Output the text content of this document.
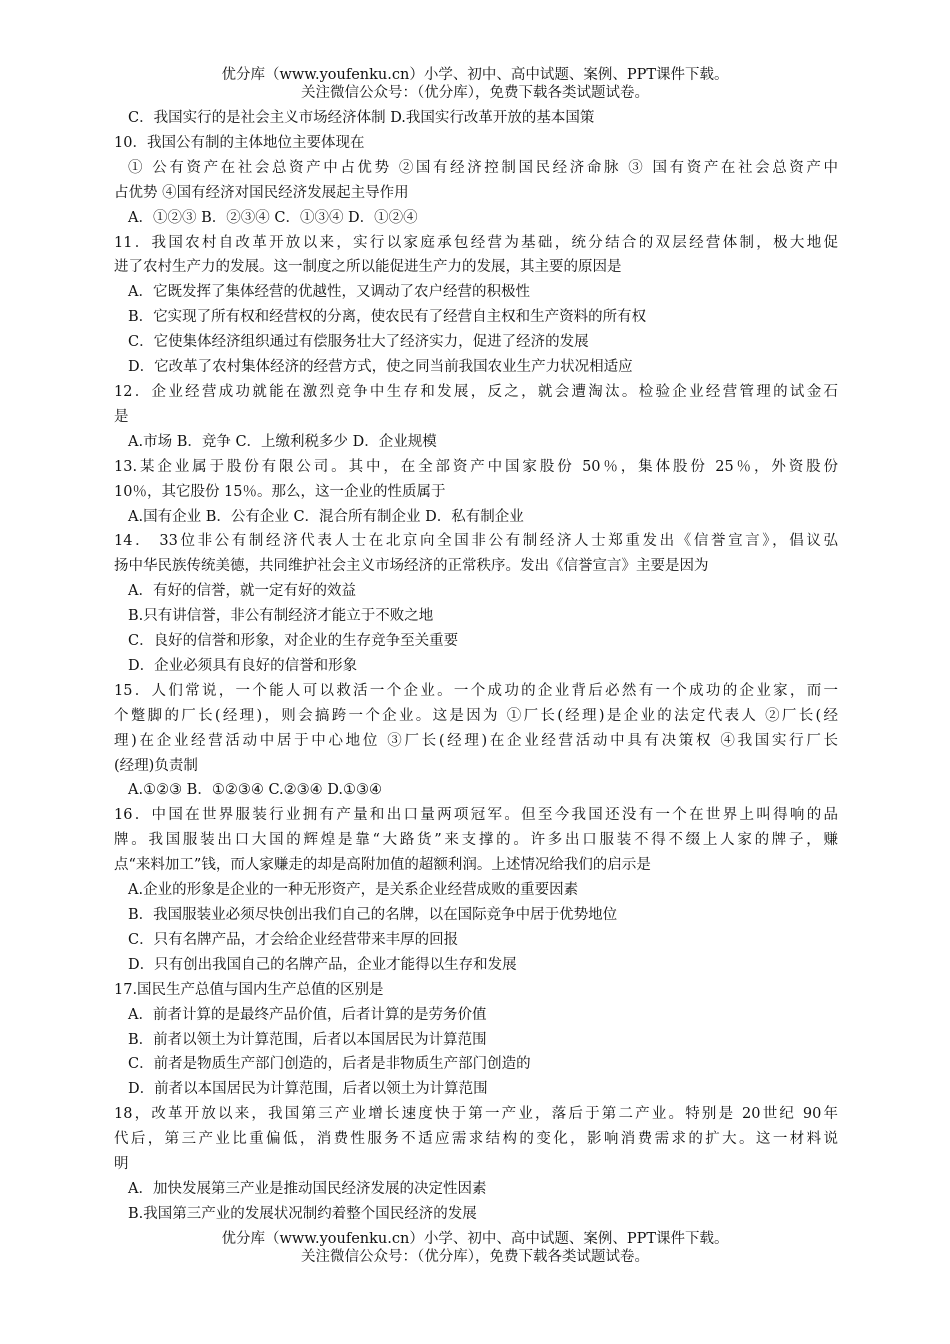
优分库（www.youfenku.cn）小学、初中、高中试题、案例、PPT课件下载。
关注微信公众号：（优分库），免费下载各类试题试卷。
C．我国实行的是社会主义市场经济体制 D.我国实行改革开放的基本国策
10．我国公有制的主体地位主要体现在
① 公有资产在社会总资产中占优势 ②国有经济控制国民经济命脉 ③ 国有资产在社会总资产中
占优势 ④国有经济对国民经济发展起主导作用
A．①②③ B．②③④ C．①③④ D．①②④
11．我国农村自改革开放以来，实行以家庭承包经营为基础，统分结合的双层经营体制，极大地促
进了农村生产力的发展。这一制度之所以能促进生产力的发展，其主要的原因是
A．它既发挥了集体经营的优越性，又调动了农户经营的积极性
B．它实现了所有权和经营权的分离，使农民有了经营自主权和生产资料的所有权
C．它使集体经济组织通过有偿服务壮大了经济实力，促进了经济的发展
D．它改革了农村集体经济的经营方式，使之同当前我国农业生产力状况相适应
12．企业经营成功就能在激烈竞争中生存和发展，反之，就会遭淘汰。检验企业经营管理的试金石
是
A.市场 B．竞争 C．上缴利税多少 D．企业规模
13.某企业属于股份有限公司。其中，在全部资产中国家股份 50％，集体股份 25％，外资股份
10％，其它股份 15％。那么，这一企业的性质属于
A.国有企业 B．公有企业 C．混合所有制企业 D．私有制企业
14． 33位非公有制经济代表人士在北京向全国非公有制经济人士郑重发出《信誉宣言》，倡议弘
扬中华民族传统美德，共同维护社会主义市场经济的正常秩序。发出《信誉宣言》主要是因为
A．有好的信誉，就一定有好的效益
B.只有讲信誉，非公有制经济才能立于不败之地
C．良好的信誉和形象，对企业的生存竞争至关重要
D．企业必须具有良好的信誉和形象
15．人们常说，一个能人可以救活一个企业。一个成功的企业背后必然有一个成功的企业家，而一
个蹩脚的厂长(经理)，则会搞跨一个企业。这是因为 ①厂长(经理)是企业的法定代表人 ②厂长(经
理)在企业经营活动中居于中心地位 ③厂长(经理)在企业经营活动中具有决策权 ④我国实行厂长
(经理)负责制
A.①②③ B．①②③④ C.②③④ D.①③④
16．中国在世界服装行业拥有产量和出口量两项冠军。但至今我国还没有一个在世界上叫得响的品
牌。我国服装出口大国的辉煌是靠“大路货”来支撑的。许多出口服装不得不缀上人家的牌子，赚
点“来料加工”钱，而人家赚走的却是高附加值的超额利润。上述情况给我们的启示是
A.企业的形象是企业的一种无形资产，是关系企业经营成败的重要因素
B．我国服装业必须尽快创出我们自己的名牌，以在国际竞争中居于优势地位
C．只有名牌产品，才会给企业经营带来丰厚的回报
D．只有创出我国自己的名牌产品，企业才能得以生存和发展
17.国民生产总值与国内生产总值的区别是
A．前者计算的是最终产品价值，后者计算的是劳务价值
B．前者以领土为计算范围，后者以本国居民为计算范围
C．前者是物质生产部门创造的，后者是非物质生产部门创造的
D．前者以本国居民为计算范围，后者以领土为计算范围
18，改革开放以来，我国第三产业增长速度快于第一产业，落后于第二产业。特别是 20世纪 90年
代后，第三产业比重偏低，消费性服务不适应需求结构的变化，影响消费需求的扩大。这一材料说
明
A．加快发展第三产业是推动国民经济发展的决定性因素
B.我国第三产业的发展状况制约着整个国民经济的发展
优分库（www.youfenku.cn）小学、初中、高中试题、案例、PPT课件下载。
关注微信公众号：（优分库），免费下载各类试题试卷。
